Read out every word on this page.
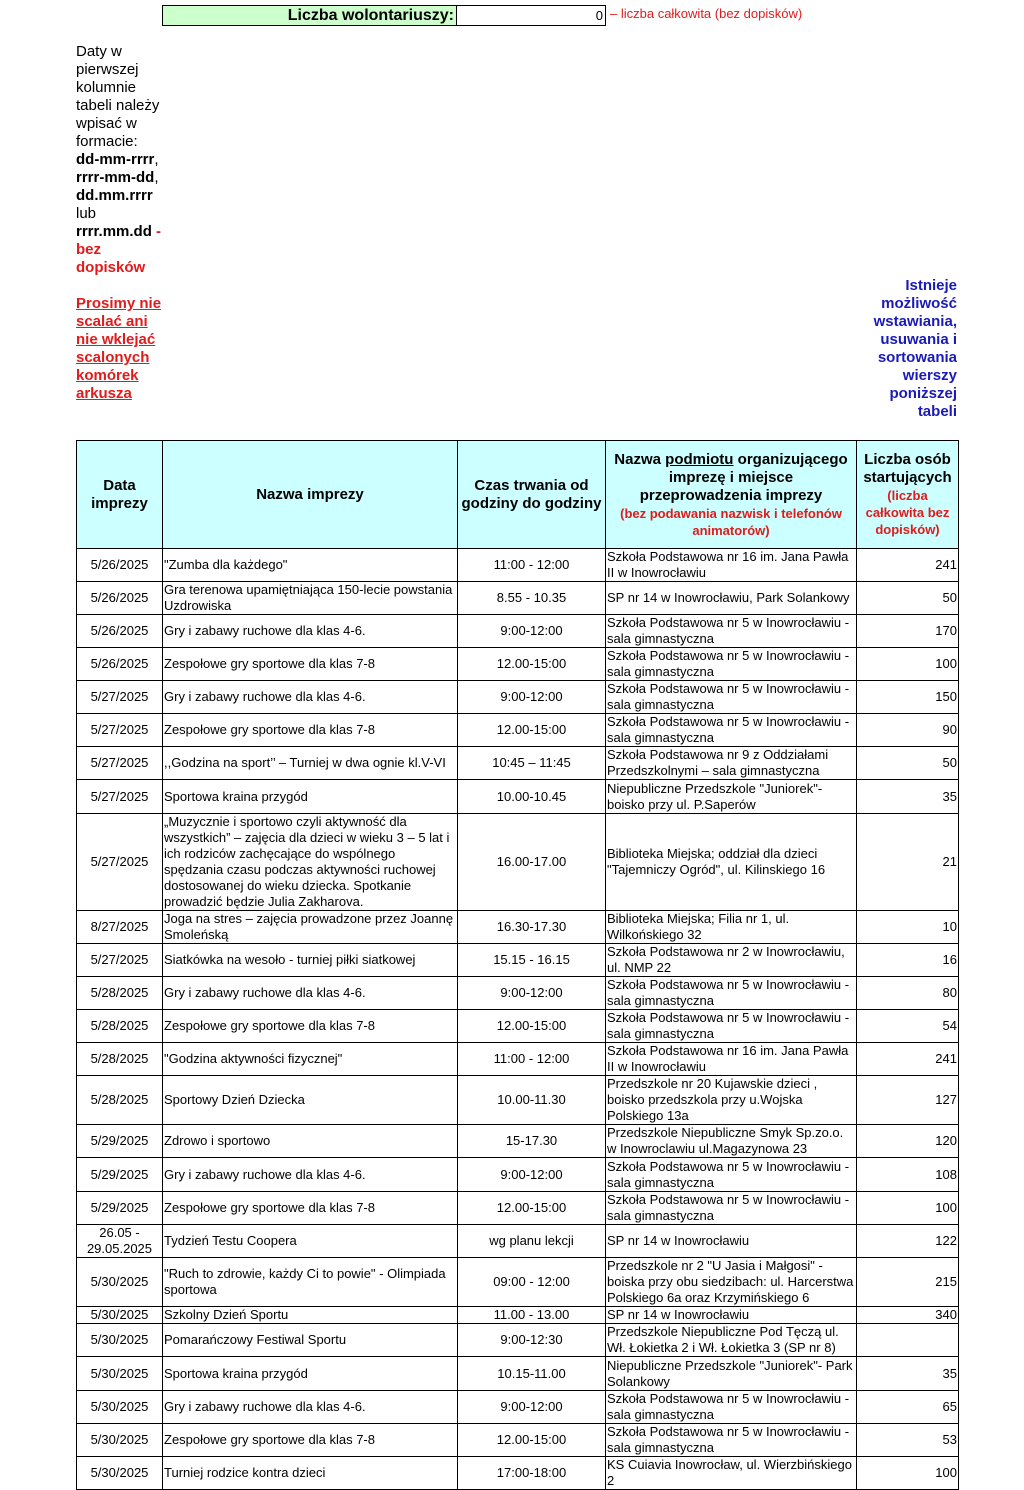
Liczba wolontariuszy:	0 – liczba całkowita (bez dopisków)
Daty w pierwszej kolumnie tabeli należy wpisać w formacie:
dd-mm-rrrr,
rrrr-mm-dd,
dd.mm.rrrr
lub
rrrr.mm.dd - bez dopisków
Prosimy nie scalać ani nie wklejać scalonych komórek arkusza
Istnieje możliwość wstawiania, usuwania i sortowania wierszy poniższej tabeli
Data imprezy	Nazwa imprezy	Czas trwania od godziny do godziny	Nazwa podmiotu organizującego imprezę i miejsce przeprowadzenia imprezy
(bez podawania nazwisk i telefonów animatorów)	Liczba osób startujących
(liczba całkowita bez dopisków)

5/26/2025	"Zumba dla każdego"	11:00 - 12:00	Szkoła Podstawowa nr 16 im. Jana Pawła II w Inowrocławiu	241
5/26/2025	Gra terenowa upamiętniająca 150-lecie powstania Uzdrowiska	8.55 - 10.35	SP nr 14 w Inowrocławiu, Park Solankowy	50
5/26/2025	Gry i zabawy ruchowe dla klas 4-6.	9:00-12:00	Szkoła Podstawowa nr 5 w Inowrocławiu - sala gimnastyczna	170
5/26/2025	Zespołowe gry sportowe dla klas 7-8	12.00-15:00	Szkoła Podstawowa nr 5 w Inowrocławiu - sala gimnastyczna	100
5/27/2025	Gry i zabawy ruchowe dla klas 4-6.	9:00-12:00	Szkoła Podstawowa nr 5 w Inowrocławiu - sala gimnastyczna	150
5/27/2025	Zespołowe gry sportowe dla klas 7-8	12.00-15:00	Szkoła Podstawowa nr 5 w Inowrocławiu - sala gimnastyczna	90
5/27/2025	,,Godzina na sport’’ – Turniej w dwa ognie kl.V-VI	10:45 – 11:45	Szkoła Podstawowa nr 9 z Oddziałami Przedszkolnymi – sala gimnastyczna	50
5/27/2025	Sportowa kraina przygód	10.00-10.45	Niepubliczne Przedszkole "Juniorek"- boisko przy ul. P.Saperów	35
5/27/2025	„Muzycznie i sportowo czyli aktywność dla wszystkich” – zajęcia dla dzieci w wieku 3 – 5 lat i ich rodziców zachęcające do wspólnego spędzania czasu podczas aktywności ruchowej dostosowanej do wieku dziecka. Spotkanie prowadzić będzie Julia Zakharova.	16.00-17.00	Biblioteka Miejska; oddział dla dzieci "Tajemniczy Ogród", ul. Kilinskiego 16	21
8/27/2025	Joga na stres – zajęcia prowadzone przez Joannę Smoleńską	16.30-17.30	Biblioteka Miejska; Filia nr 1, ul. Wilkońskiego 32	10
5/27/2025	Siatkówka na wesoło - turniej piłki siatkowej	15.15 - 16.15	Szkoła Podstawowa nr 2 w Inowrocławiu, ul. NMP 22	16
5/28/2025	Gry i zabawy ruchowe dla klas 4-6.	9:00-12:00	Szkoła Podstawowa nr 5 w Inowrocławiu - sala gimnastyczna	80
5/28/2025	Zespołowe gry sportowe dla klas 7-8	12.00-15:00	Szkoła Podstawowa nr 5 w Inowrocławiu - sala gimnastyczna	54
5/28/2025	"Godzina aktywności fizycznej"	11:00 - 12:00	Szkoła Podstawowa nr 16 im. Jana Pawła II w Inowrocławiu	241
5/28/2025	Sportowy Dzień Dziecka	10.00-11.30	Przedszkole nr 20 Kujawskie dzieci , boisko przedszkola przy u.Wojska Polskiego 13a	127
5/29/2025	Zdrowo i sportowo	15-17.30	Przedszkole Niepubliczne Smyk Sp.zo.o. w Inowroclawiu ul.Magazynowa 23	120
5/29/2025	Gry i zabawy ruchowe dla klas 4-6.	9:00-12:00	Szkoła Podstawowa nr 5 w Inowrocławiu - sala gimnastyczna	108
5/29/2025	Zespołowe gry sportowe dla klas 7-8	12.00-15:00	Szkoła Podstawowa nr 5 w Inowrocławiu - sala gimnastyczna	100
26.05 - 29.05.2025	Tydzień Testu Coopera	wg planu lekcji	SP nr 14 w Inowrocławiu	122
5/30/2025	"Ruch to zdrowie, każdy Ci to powie" - Olimpiada sportowa	09:00 - 12:00	Przedszkole nr 2 "U Jasia i Małgosi" - boiska przy obu siedzibach: ul. Harcerstwa Polskiego 6a oraz Krzymińskiego 6	215
5/30/2025	Szkolny Dzień Sportu	11.00 - 13.00	SP nr 14 w Inowrocławiu	340
5/30/2025	Pomarańczowy Festiwal Sportu	9:00-12:30	Przedszkole Niepubliczne Pod Tęczą ul. Wł. Łokietka 2 i Wł. Łokietka 3 (SP nr 8)	
5/30/2025	Sportowa kraina przygód	10.15-11.00	Niepubliczne Przedszkole "Juniorek"- Park Solankowy	35
5/30/2025	Gry i zabawy ruchowe dla klas 4-6.	9:00-12:00	Szkoła Podstawowa nr 5 w Inowrocławiu - sala gimnastyczna	65
5/30/2025	Zespołowe gry sportowe dla klas 7-8	12.00-15:00	Szkoła Podstawowa nr 5 w Inowrocławiu - sala gimnastyczna	53
5/30/2025	Turniej rodzice kontra dzieci	17:00-18:00	KS Cuiavia Inowrocław, ul. Wierzbińskiego 2	100
